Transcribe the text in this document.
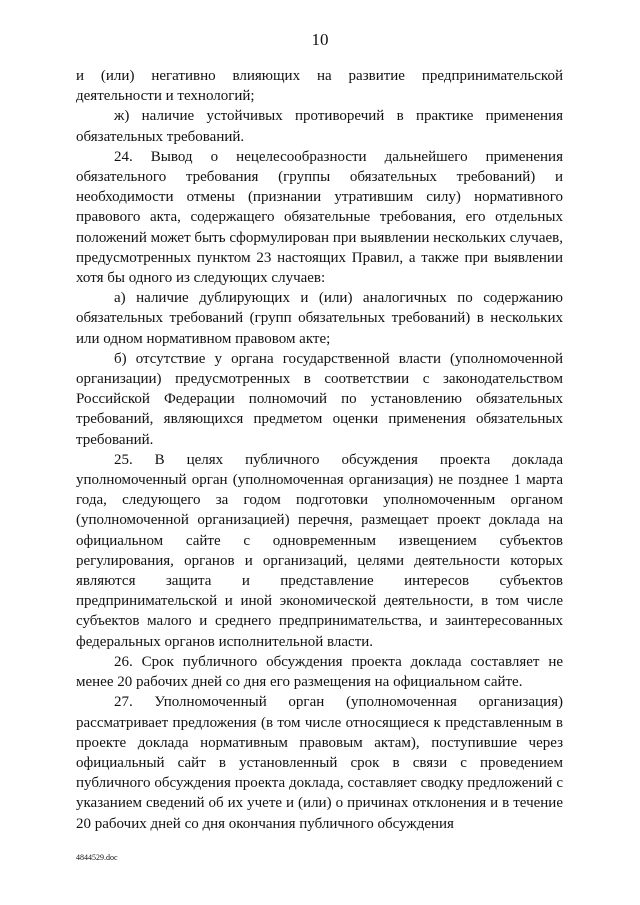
10

и (или) негативно влияющих на развитие предпринимательской деятельности и технологий;

ж) наличие устойчивых противоречий в практике применения обязательных требований.

24. Вывод о нецелесообразности дальнейшего применения обязательного требования (группы обязательных требований) и необходимости отмены (признании утратившим силу) нормативного правового акта, содержащего обязательные требования, его отдельных положений может быть сформулирован при выявлении нескольких случаев, предусмотренных пунктом 23 настоящих Правил, а также при выявлении хотя бы одного из следующих случаев:

а) наличие дублирующих и (или) аналогичных по содержанию обязательных требований (групп обязательных требований) в нескольких или одном нормативном правовом акте;

б) отсутствие у органа государственной власти (уполномоченной организации) предусмотренных в соответствии с законодательством Российской Федерации полномочий по установлению обязательных требований, являющихся предметом оценки применения обязательных требований.

25. В целях публичного обсуждения проекта доклада уполномоченный орган (уполномоченная организация) не позднее 1 марта года, следующего за годом подготовки уполномоченным органом (уполномоченной организацией) перечня, размещает проект доклада на официальном сайте с одновременным извещением субъектов регулирования, органов и организаций, целями деятельности которых являются защита и представление интересов субъектов предпринимательской и иной экономической деятельности, в том числе субъектов малого и среднего предпринимательства, и заинтересованных федеральных органов исполнительной власти.

26. Срок публичного обсуждения проекта доклада составляет не менее 20 рабочих дней со дня его размещения на официальном сайте.

27. Уполномоченный орган (уполномоченная организация) рассматривает предложения (в том числе относящиеся к представленным в проекте доклада нормативным правовым актам), поступившие через официальный сайт в установленный срок в связи с проведением публичного обсуждения проекта доклада, составляет сводку предложений с указанием сведений об их учете и (или) о причинах отклонения и в течение 20 рабочих дней со дня окончания публичного обсуждения

4844529.doc
